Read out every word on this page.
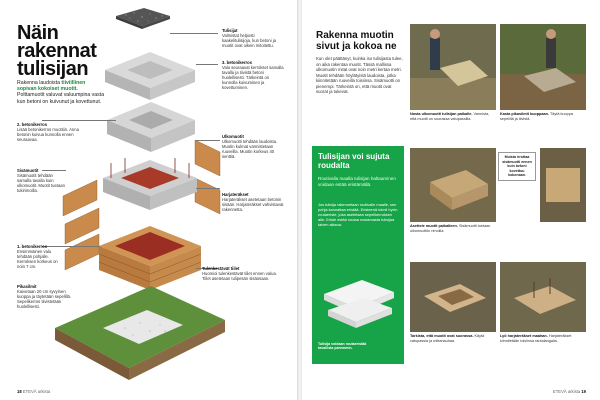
Näin rakennat tulisijan

Rakenna laudoista tiiviillinen sopivan kokoiset muotit. Polttamuotit valuvat valuumpina vasta kun betoni on kuivunut ja kovettunut.

Tulisijat
Valmistat helposti kaakelitulisijoja, kun betoni ja muotit ovat oikein mitoitettu.
3. betonikerros
Valu seuraavat kerrokset samalla tavalla ja tiivistä betoni huolellisesti. Tärkeintä on kunnolla kuivuminen ja kovettuminen.
2. betonikerros
Lisää betonikerros muottiin. Anna betonin kuivua kunnolla ennen seuraavaa.
Ulkomuotit
Ulkomuotti tehdään laudoista. Muotin kulmat varmistetaan ruuveilla. Muotin korkeus 40 senttiä.
Sisämuotit
Sisämuotit tehdään samalla tavalla kuin ulkomuotit. Muotit tuetaan tukirimoilla.
Harjateräkset
Harjateräkset asetetaan betonin sisään. Harjateräkset vahvistavat rakennetta.
1. betonikerros
Ensimmäinen valu tehdään pohjalle. Kerroksen korkeus on noin 7 cm.	Tulenkestävät tiilet
Huomioi tulenkestävät tiilet ennen valua. Tiilet asetetaan tulipesän sisäosaan.
Pikasilmit
Kaivetaan 20 cm syvyinen kuoppa ja täytetään sepelillä. Sepelikerros tiivistetään huolellisesti.
18 ETEVÄ arkista
Rakenna muotin sivut ja kokoa ne

Kun olet päättänyt, kuinka iso tulisijasta tulee, on aika rakentaa muotit. Tässä mallissa ulkomuotin mitat ovat noin metri kertaa metri. Muotit tehdään höylätyistä laudoista, jotka kiinnitetään ruuveilla toisiinsa. Sisämuotti on pienempi. Tärkeintä on, että muotit ovat suorat ja tukevat.

Tulisijan voi sujuta roudalta
Routivalla maalla tulisijan haltaaminen voidaan estää eristämällä.
Jos tulisija rakennetaan routivalle maalle, sen pohja kannattaa eristää. Eristeenä toimii hyvin routaeriste, joka asetetaan sepelikerroksen alle. Eriste estää routaa nostamasta tulisijaa talven aikana.
Tulisija voidaan routaeristää tavallista paremmin.
Nosta ulkomuotti tulisijan paikalle. Varmista, että muotti on suorassa vatupassilla.
Kasta pikasilmit kuoppaan. Täytä kuoppa sepelillä ja tiivistä.
Muista irrottaa sisämuotti ennen kuin betoni kovettuu kokonaan.
Asettele muotit paikalleen. Sisämuotti tuetaan ulkomuottiin rimoilla.
Tarkista, että muotit ovat suorassa. Käytä vatupassia ja mittanauhaa.
Lyö harjateräkset maahan. Harjateräkset kiinnitetään toisiinsa rautalangalla.
ETEVÄ arkista 19
